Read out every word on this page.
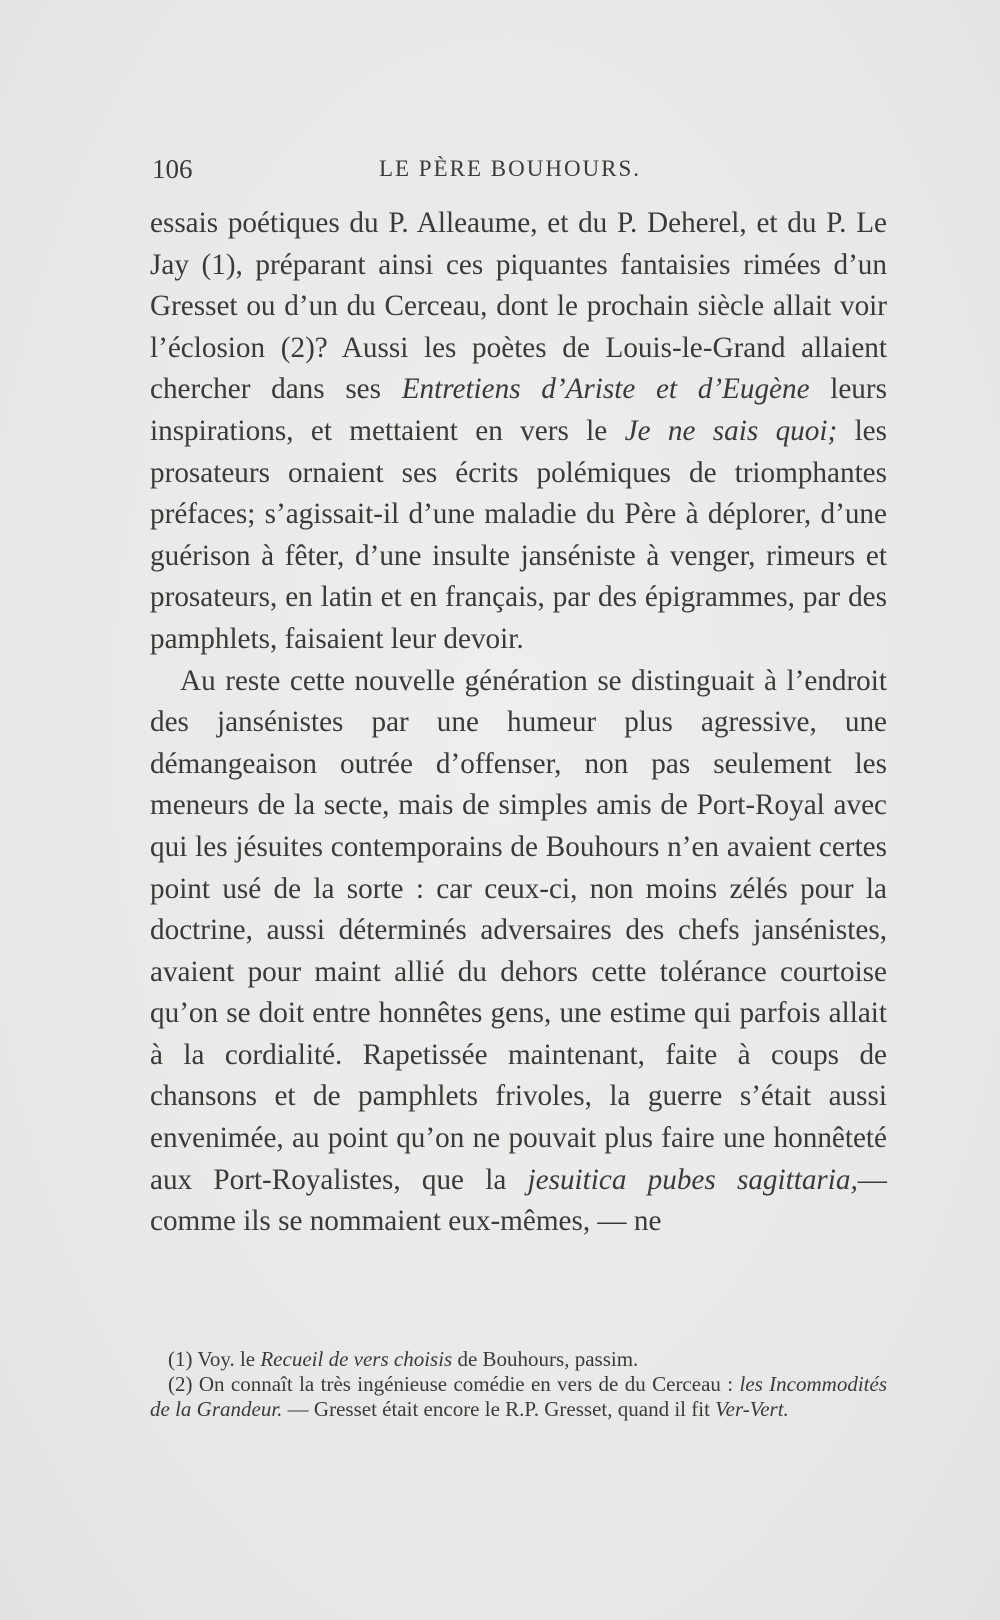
106	LE PÈRE BOUHOURS.

essais poétiques du P. Alleaume, et du P. Deherel, et du P. Le Jay (1), préparant ainsi ces piquantes fantaisies rimées d’un Gresset ou d’un du Cerceau, dont le prochain siècle allait voir l’éclosion (2)? Aussi les poètes de Louis-le-Grand allaient chercher dans ses Entretiens d’Ariste et d’Eugène leurs inspirations, et mettaient en vers le Je ne sais quoi; les prosateurs ornaient ses écrits polémiques de triomphantes préfaces; s’agissait-il d’une maladie du Père à déplorer, d’une guérison à fêter, d’une insulte janséniste à venger, rimeurs et prosateurs, en latin et en français, par des épigrammes, par des pamphlets, faisaient leur devoir.

Au reste cette nouvelle génération se distinguait à l’endroit des jansénistes par une humeur plus agressive, une démangeaison outrée d’offenser, non pas seulement les meneurs de la secte, mais de simples amis de Port-Royal avec qui les jésuites contemporains de Bouhours n’en avaient certes point usé de la sorte : car ceux-ci, non moins zélés pour la doctrine, aussi déterminés adversaires des chefs jansénistes, avaient pour maint allié du dehors cette tolérance courtoise qu’on se doit entre honnêtes gens, une estime qui parfois allait à la cordialité. Rapetissée maintenant, faite à coups de chansons et de pamphlets frivoles, la guerre s’était aussi envenimée, au point qu’on ne pouvait plus faire une honnêteté aux Port-Royalistes, que la jesuitica pubes sagittaria,— comme ils se nommaient eux-mêmes, — ne

(1) Voy. le Recueil de vers choisis de Bouhours, passim.

(2) On connaît la très ingénieuse comédie en vers de du Cerceau : les Incommodités de la Grandeur. — Gresset était encore le R.P. Gresset, quand il fit Ver-Vert.
